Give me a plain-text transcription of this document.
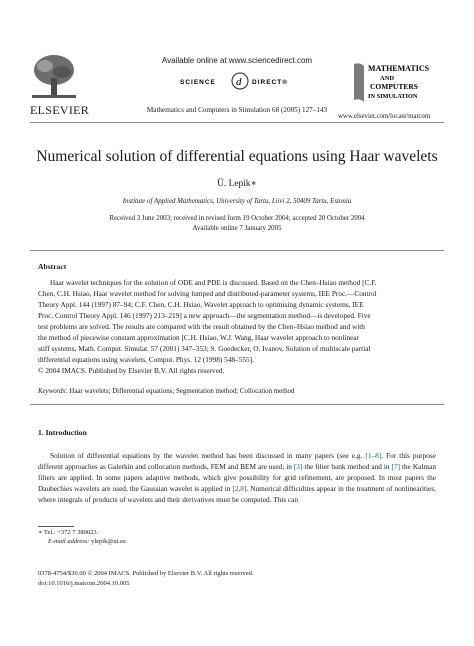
ELSEVIER
Available online at www.sciencedirect.com
SCIENCE d DIRECT®
Mathematics and Computers in Simulation 68 (2005) 127–143
MATHEMATICS
AND
COMPUTERS
IN SIMULATION
www.elsevier.com/locate/matcom
Numerical solution of differential equations using Haar wavelets
Ü. Lepik∗
Institute of Applied Mathematics, University of Tartu, Liivi 2, 50409 Tartu, Estonia
Received 3 June 2003; received in revised form 19 October 2004; accepted 20 October 2004
Available online 7 January 2005
Abstract
Haar wavelet techniques for the solution of ODE and PDE is discussed. Based on the Chen–Hsiao method [C.F.
Chen, C.H. Hsiao, Haar wavelet method for solving lumped and distributed-parameter systems, IEE Proc.—Control
Theory Appl. 144 (1997) 87–94; C.F. Chen, C.H. Hsiao, Wavelet approach to optimising dynamic systems, IEE
Proc. Control Theory Appl. 146 (1997) 213–219] a new approach—the segmentation method—is developed. Five
test problems are solved. The results are compared with the result obtained by the Chen–Hsiao method and with
the method of piecewise constant approximation [C.H. Hsiao, W.J. Wang, Haar wavelet approach to nonlinear
stiff systems, Math. Comput. Simulat. 57 (2001) 347–353; S. Goedecker, O. Ivanov, Solution of multiscale partial
differential equations using wavelets, Comput. Phys. 12 (1998) 548–555].
© 2004 IMACS. Published by Elsevier B.V. All rights reserved.
Keywords: Haar wavelets; Differential equations; Segmentation method; Collocation method
1. Introduction
Solution of differential equations by the wavelet method has been discussed in many papers (see e.g. [1–8]. For this purpose different approaches as Galerkin and collocation methods, FEM and BEM are used; in [3] the filter bank method and in [7] the Kalman filters are applied. In some papers adaptive methods, which give possibility for grid refinement, are proposed. In most papers the Daubechies wavelets are used, the Gaussian wavelet is applied in [2,8]. Numerical difficulties appear in the treatment of nonlinearities, where integrals of products of wavelets and their derivatives must be computed. This can
∗ Tel.: +372 7 380023.
E-mail address: ylepik@ut.ee.
0378-4754/$30.00 © 2004 IMACS. Published by Elsevier B.V. All rights reserved.
doi:10.1016/j.matcom.2004.10.005
